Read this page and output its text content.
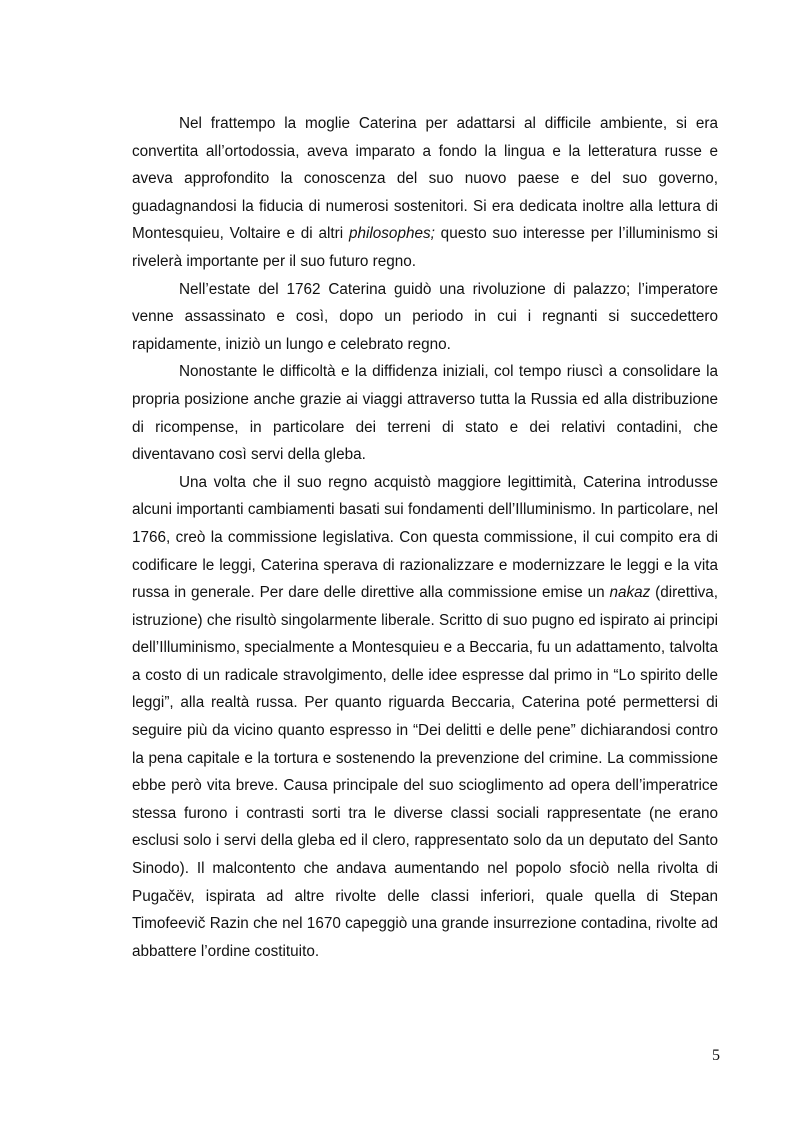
Nel frattempo la moglie Caterina per adattarsi al difficile ambiente, si era convertita all’ortodossia, aveva imparato a fondo la lingua e la letteratura russe e aveva approfondito la conoscenza del suo nuovo paese e del suo governo, guadagnandosi la fiducia di numerosi sostenitori. Si era dedicata inoltre alla lettura di Montesquieu, Voltaire e di altri philosophes; questo suo interesse per l’illuminismo si rivelerà importante per il suo futuro regno.

Nell’estate del 1762 Caterina guidò una rivoluzione di palazzo; l’imperatore venne assassinato e così, dopo un periodo in cui i regnanti si succedettero rapidamente, iniziò un lungo e celebrato regno.

Nonostante le difficoltà e la diffidenza iniziali, col tempo riuscì a consolidare la propria posizione anche grazie ai viaggi attraverso tutta la Russia ed alla distribuzione di ricompense, in particolare dei terreni di stato e dei relativi contadini, che diventavano così servi della gleba.

Una volta che il suo regno acquistò maggiore legittimità, Caterina introdusse alcuni importanti cambiamenti basati sui fondamenti dell’Illuminismo. In particolare, nel 1766, creò la commissione legislativa. Con questa commissione, il cui compito era di codificare le leggi, Caterina sperava di razionalizzare e modernizzare le leggi e la vita russa in generale. Per dare delle direttive alla commissione emise un nakaz (direttiva, istruzione) che risultò singolarmente liberale. Scritto di suo pugno ed ispirato ai principi dell’Illuminismo, specialmente a Montesquieu e a Beccaria, fu un adattamento, talvolta a costo di un radicale stravolgimento, delle idee espresse dal primo in “Lo spirito delle leggi”, alla realtà russa. Per quanto riguarda Beccaria, Caterina poté permettersi di seguire più da vicino quanto espresso in “Dei delitti e delle pene” dichiarandosi contro la pena capitale e la tortura e sostenendo la prevenzione del crimine. La commissione ebbe però vita breve. Causa principale del suo scioglimento ad opera dell’imperatrice stessa furono i contrasti sorti tra le diverse classi sociali rappresentate (ne erano esclusi solo i servi della gleba ed il clero, rappresentato solo da un deputato del Santo Sinodo). Il malcontento che andava aumentando nel popolo sfociò nella rivolta di Pugačëv, ispirata ad altre rivolte delle classi inferiori, quale quella di Stepan Timofeevič Razin che nel 1670 capeggiò una grande insurrezione contadina, rivolte ad abbattere l’ordine costituito.

5
